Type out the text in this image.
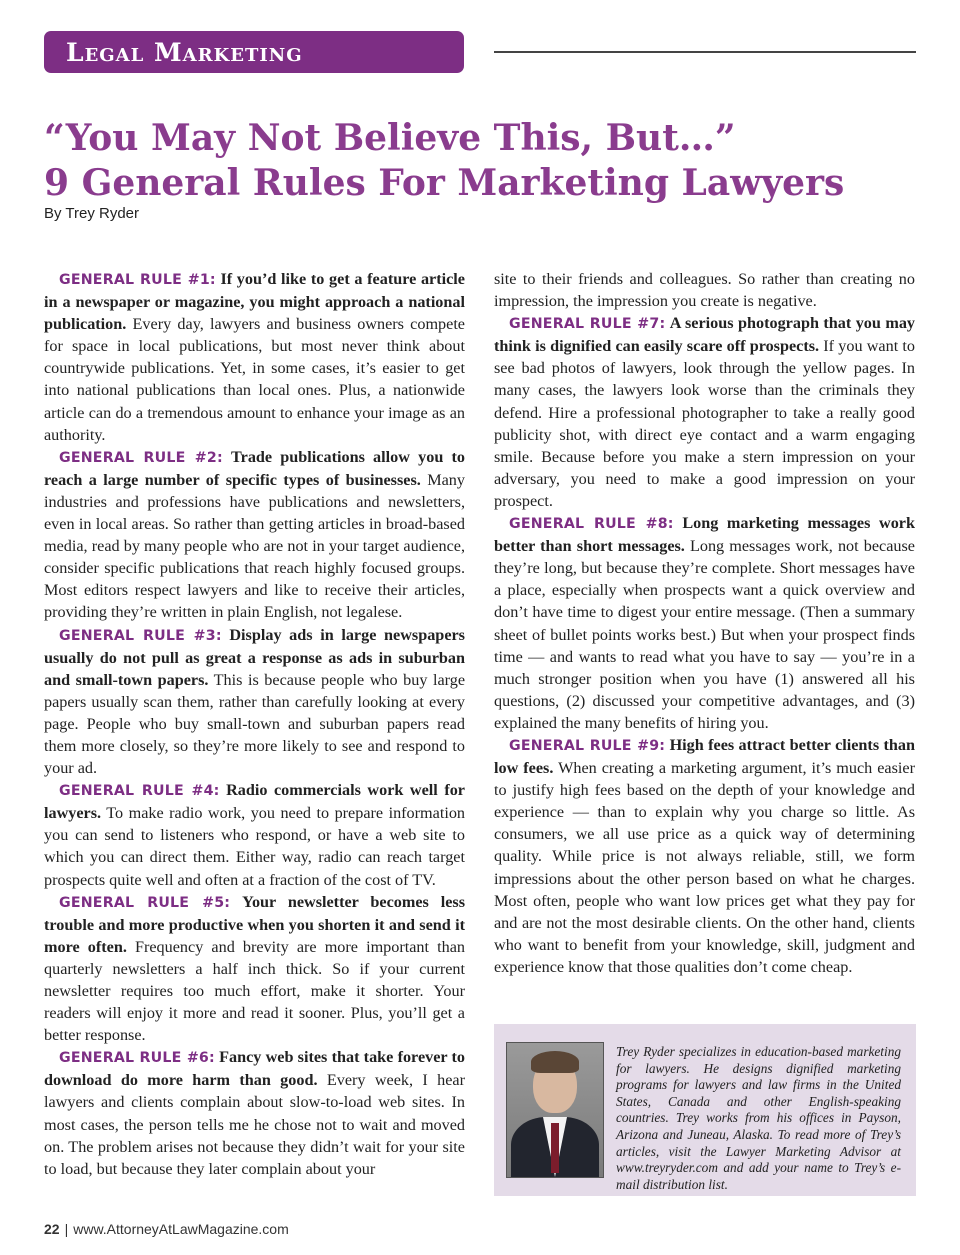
Legal Marketing
“You May Not Believe This, But…”
9 General Rules For Marketing Lawyers
By Trey Ryder

GENERAL RULE #1: If you’d like to get a feature article in a newspaper or magazine, you might approach a national publication. Every day, lawyers and business owners compete for space in local publications, but most never think about countrywide publications. Yet, in some cases, it’s easier to get into national publications than local ones. Plus, a nationwide article can do a tremendous amount to enhance your image as an authority.

GENERAL RULE #2: Trade publications allow you to reach a large number of specific types of businesses. Many industries and professions have publications and newsletters, even in local areas. So rather than getting articles in broad-based media, read by many people who are not in your target audience, consider specific publications that reach highly focused groups. Most editors respect lawyers and like to receive their articles, providing they’re written in plain English, not legalese.

GENERAL RULE #3: Display ads in large newspapers usually do not pull as great a response as ads in suburban and small-town papers. This is because people who buy large papers usually scan them, rather than carefully looking at every page. People who buy small-town and suburban papers read them more closely, so they’re more likely to see and respond to your ad.

GENERAL RULE #4: Radio commercials work well for lawyers. To make radio work, you need to prepare information you can send to listeners who respond, or have a web site to which you can direct them. Either way, radio can reach target prospects quite well and often at a fraction of the cost of TV.

GENERAL RULE #5: Your newsletter becomes less trouble and more productive when you shorten it and send it more often. Frequency and brevity are more important than quarterly newsletters a half inch thick. So if your current newsletter requires too much effort, make it shorter. Your readers will enjoy it more and read it sooner. Plus, you’ll get a better response.

GENERAL RULE #6: Fancy web sites that take forever to download do more harm than good. Every week, I hear lawyers and clients complain about slow-to-load web sites. In most cases, the person tells me he chose not to wait and moved on. The problem arises not because they didn’t wait for your site to load, but because they later complain about your

site to their friends and colleagues. So rather than creating no impression, the impression you create is negative.

GENERAL RULE #7: A serious photograph that you may think is dignified can easily scare off prospects. If you want to see bad photos of lawyers, look through the yellow pages. In many cases, the lawyers look worse than the criminals they defend. Hire a professional photographer to take a really good publicity shot, with direct eye contact and a warm engaging smile. Because before you make a stern impression on your adversary, you need to make a good impression on your prospect.

GENERAL RULE #8: Long marketing messages work better than short messages. Long messages work, not because they’re long, but because they’re complete. Short messages have a place, especially when prospects want a quick overview and don’t have time to digest your entire message. (Then a summary sheet of bullet points works best.) But when your prospect finds time — and wants to read what you have to say — you’re in a much stronger position when you have (1) answered all his questions, (2) discussed your competitive advantages, and (3) explained the many benefits of hiring you.

GENERAL RULE #9: High fees attract better clients than low fees. When creating a marketing argument, it’s much easier to justify high fees based on the depth of your knowledge and experience — than to explain why you charge so little. As consumers, we all use price as a quick way of determining quality. While price is not always reliable, still, we form impressions about the other person based on what he charges. Most often, people who want low prices get what they pay for and are not the most desirable clients. On the other hand, clients who want to benefit from your knowledge, skill, judgment and experience know that those qualities don’t come cheap.

Trey Ryder specializes in education-based marketing for lawyers. He designs dignified marketing programs for lawyers and law firms in the United States, Canada and other English-speaking countries. Trey works from his offices in Payson, Arizona and Juneau, Alaska. To read more of Trey’s articles, visit the Lawyer Marketing Advisor at www.treyryder.com and add your name to Trey’s e-mail distribution list.

22 | www.AttorneyAtLawMagazine.com
